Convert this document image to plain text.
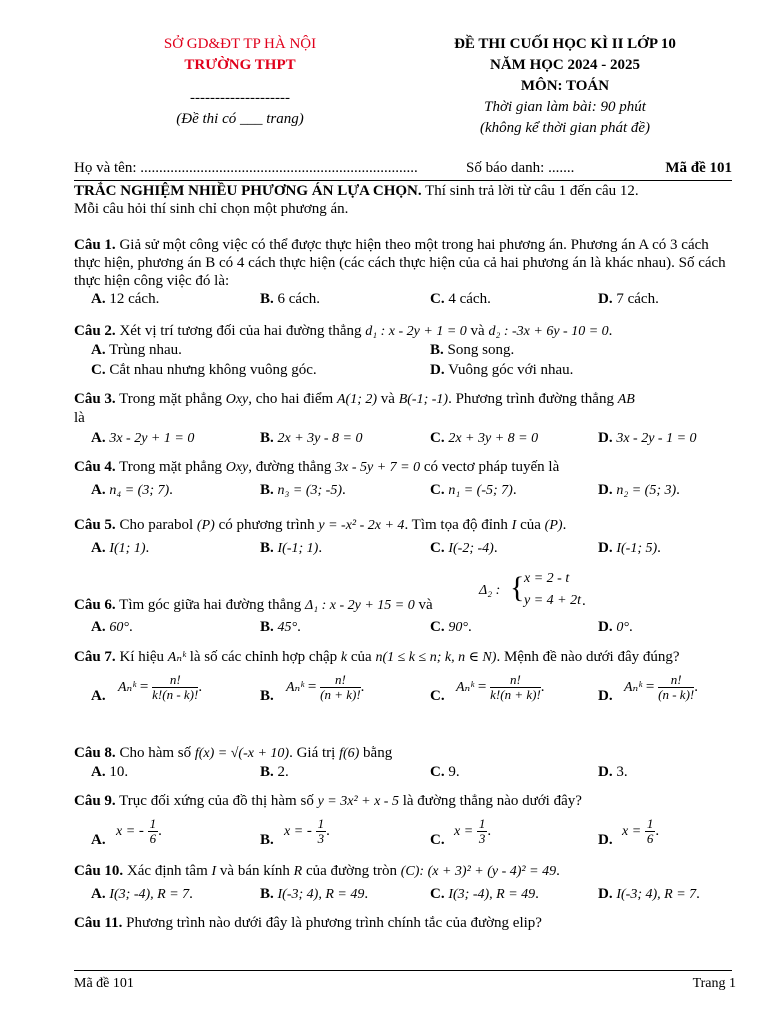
SỞ GD&ĐT TP HÀ NỘI
TRƯỜNG THPT
--------------------
(Đề thi có ___ trang)
ĐỀ THI CUỐI HỌC KÌ II LỚP 10
NĂM HỌC 2024 - 2025
MÔN: TOÁN
Thời gian làm bài: 90 phút
(không kể thời gian phát đề)
Họ và tên: ..........................................................................	Số báo danh: .......	Mã đề 101
TRẮC NGHIỆM NHIỀU PHƯƠNG ÁN LỰA CHỌN. Thí sinh trả lời từ câu 1 đến câu 12.
Mỗi câu hỏi thí sinh chỉ chọn một phương án.
Câu 1. Giả sử một công việc có thể được thực hiện theo một trong hai phương án. Phương án A có 3 cách thực hiện, phương án B có 4 cách thực hiện (các cách thực hiện của cả hai phương án là khác nhau). Số cách thực hiện công việc đó là:
A. 12 cách.	B. 6 cách.	C. 4 cách.	D. 7 cách.
Câu 2. Xét vị trí tương đối của hai đường thẳng d₁ : x - 2y + 1 = 0 và d₂ : -3x + 6y - 10 = 0.
A. Trùng nhau.	B. Song song.
C. Cắt nhau nhưng không vuông góc.	D. Vuông góc với nhau.
Câu 3. Trong mặt phẳng Oxy, cho hai điểm A(1; 2) và B(-1; -1). Phương trình đường thẳng AB
là
A. 3x - 2y + 1 = 0	B. 2x + 3y - 8 = 0	C. 2x + 3y + 8 = 0	D. 3x - 2y - 1 = 0
Câu 4. Trong mặt phẳng Oxy, đường thẳng 3x - 5y + 7 = 0 có vectơ pháp tuyến là
A. n₄ = (3; 7).	B. n₃ = (3; -5).	C. n₁ = (-5; 7).	D. n₂ = (5; 3).
Câu 5. Cho parabol (P) có phương trình y = -x² - 2x + 4. Tìm tọa độ đỉnh I của (P).
A. I(1; 1).	B. I(-1; 1).	C. I(-2; -4).	D. I(-1; 5).
Câu 6. Tìm góc giữa hai đường thẳng Δ₁ : x - 2y + 15 = 0 và
Δ₂ : { x = 2 - t
y = 4 + 2t .
A. 60°.	B. 45°.	C. 90°.	D. 0°.
Câu 7. Kí hiệu Aₙᵏ là số các chỉnh hợp chập k của n(1 ≤ k ≤ n; k, n ∈ N). Mệnh đề nào dưới đây đúng?
A.
Aₙᵏ = $\frac{n!}{k!(n - k)!}$ .
B.
Aₙᵏ = $\frac{n!}{(n + k)!}$ .
C.
Aₙᵏ = $\frac{n!}{k!(n + k)!}$ .
D.
Aₙᵏ = $\frac{n!}{(n - k)!}$ .
Câu 8. Cho hàm số f(x) = √(-x + 10). Giá trị f(6) bằng
A. 10.	B. 2.	C. 9.	D. 3.
Câu 9. Trục đối xứng của đồ thị hàm số y = 3x² + x - 5 là đường thẳng nào dưới đây?
A.
x = - $\frac{1}{6}$ .
B.
x = - $\frac{1}{3}$ .
C.
$x = \frac{1}{3}$ .
D.
$x = \frac{1}{6}$ .
Câu 10. Xác định tâm I và bán kính R của đường tròn (C): (x + 3)² + (y - 4)² = 49.
A. I(3; -4), R = 7.	B. I(-3; 4), R = 49.	C. I(3; -4), R = 49.	D. I(-3; 4), R = 7.
Câu 11. Phương trình nào dưới đây là phương trình chính tắc của đường elip?
Mã đề 101	Trang 1
